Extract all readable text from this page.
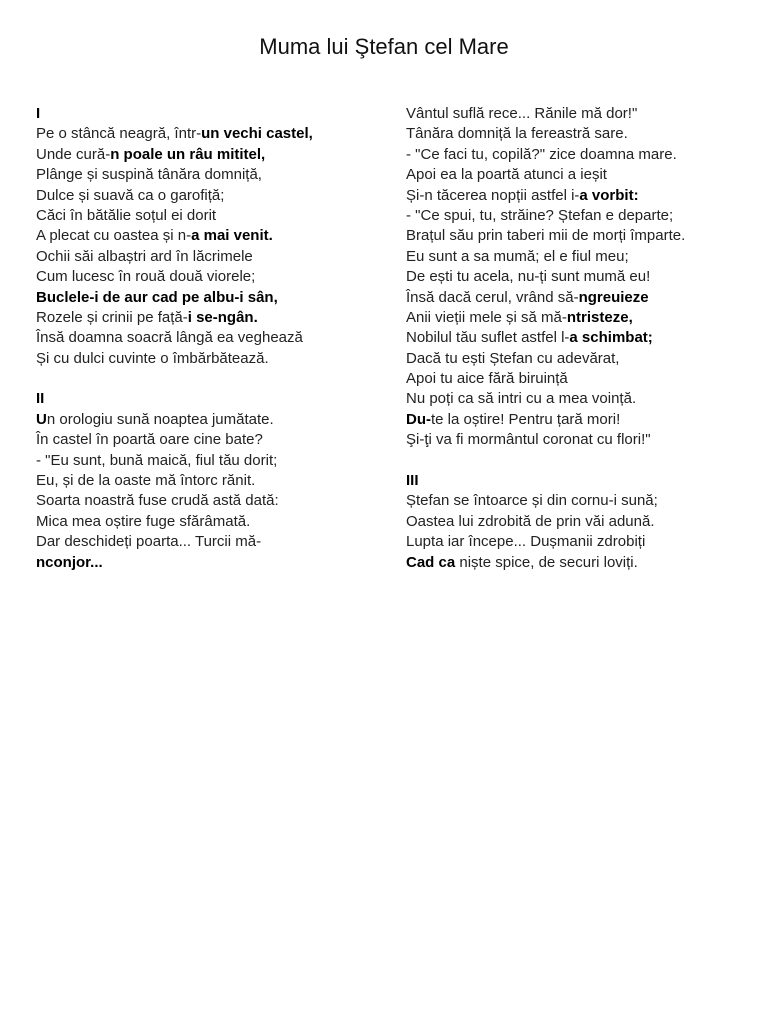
Muma lui Ştefan cel Mare
I
Pe o stâncă neagră, într-un vechi castel,
Unde cură-n poale un râu mititel,
Plânge și suspină tânăra domniță,
Dulce și suavă ca o garofiță;
Căci în bătălie soțul ei dorit
A plecat cu oastea și n-a mai venit.
Ochii săi albaștri ard în lăcrimele
Cum lucesc în rouă două viorele;
Buclele-i de aur cad pe albu-i sân,
Rozele și crinii pe față-i se-ngân.
Însă doamna soacră lângă ea veghează
Și cu dulci cuvinte o îmbărbătează.
II
Un orologiu sună noaptea jumătate.
În castel în poartă oare cine bate?
- "Eu sunt, bună maică, fiul tău dorit;
Eu, și de la oaste mă întorc rănit.
Soarta noastră fuse crudă astă dată:
Mica mea oștire fuge sfărâmată.
Dar deschideți poarta... Turcii mă-
nconjor...
Vântul suflă rece... Rănile mă dor!"
Tânăra domniță la fereastră sare.
- "Ce faci tu, copilă?" zice doamna mare.
Apoi ea la poartă atunci a ieșit
Și-n tăcerea nopții astfel i-a vorbit:
- "Ce spui, tu, străine? Ștefan e departe;
Brațul său prin taberi mii de morți împarte.
Eu sunt a sa mumă; el e fiul meu;
De ești tu acela, nu-ți sunt mumă eu!
Însă dacă cerul, vrând să-ngreuieze
Anii vieții mele și să mă-ntristeze,
Nobilul tău suflet astfel l-a schimbat;
Dacă tu ești Ștefan cu adevărat,
Apoi tu aice fără biruință
Nu poți ca să intri cu a mea voință.
Du-te la oștire! Pentru țară mori!
Şi-ţi va fi mormântul coronat cu flori!"
III
Ștefan se întoarce și din cornu-i sună;
Oastea lui zdrobită de prin văi adună.
Lupta iar începe... Dușmanii zdrobiți
Cad ca niște spice, de securi loviți.
